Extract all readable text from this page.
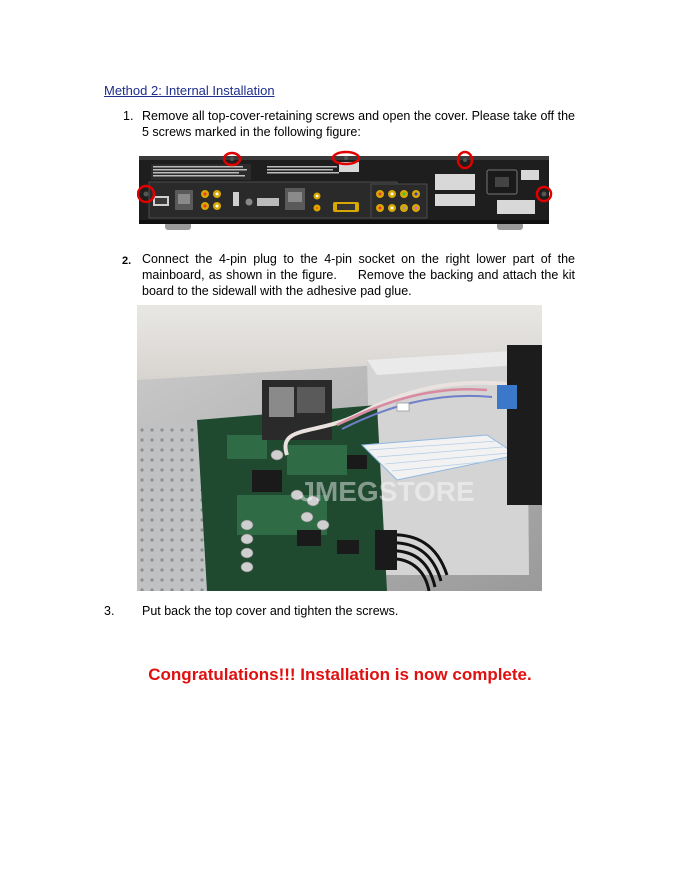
Method 2: Internal Installation
1. Remove all top-cover-retaining screws and open the cover. Please take off the 5 screws marked in the following figure:
2. Connect the 4-pin plug to the 4-pin socket on the right lower part of the mainboard, as shown in the figure.     Remove the backing and attach the kit board to the sidewall with the adhesive pad glue.
JMEGSTORE
3. Put back the top cover and tighten the screws.
Congratulations!!! Installation is now complete.
